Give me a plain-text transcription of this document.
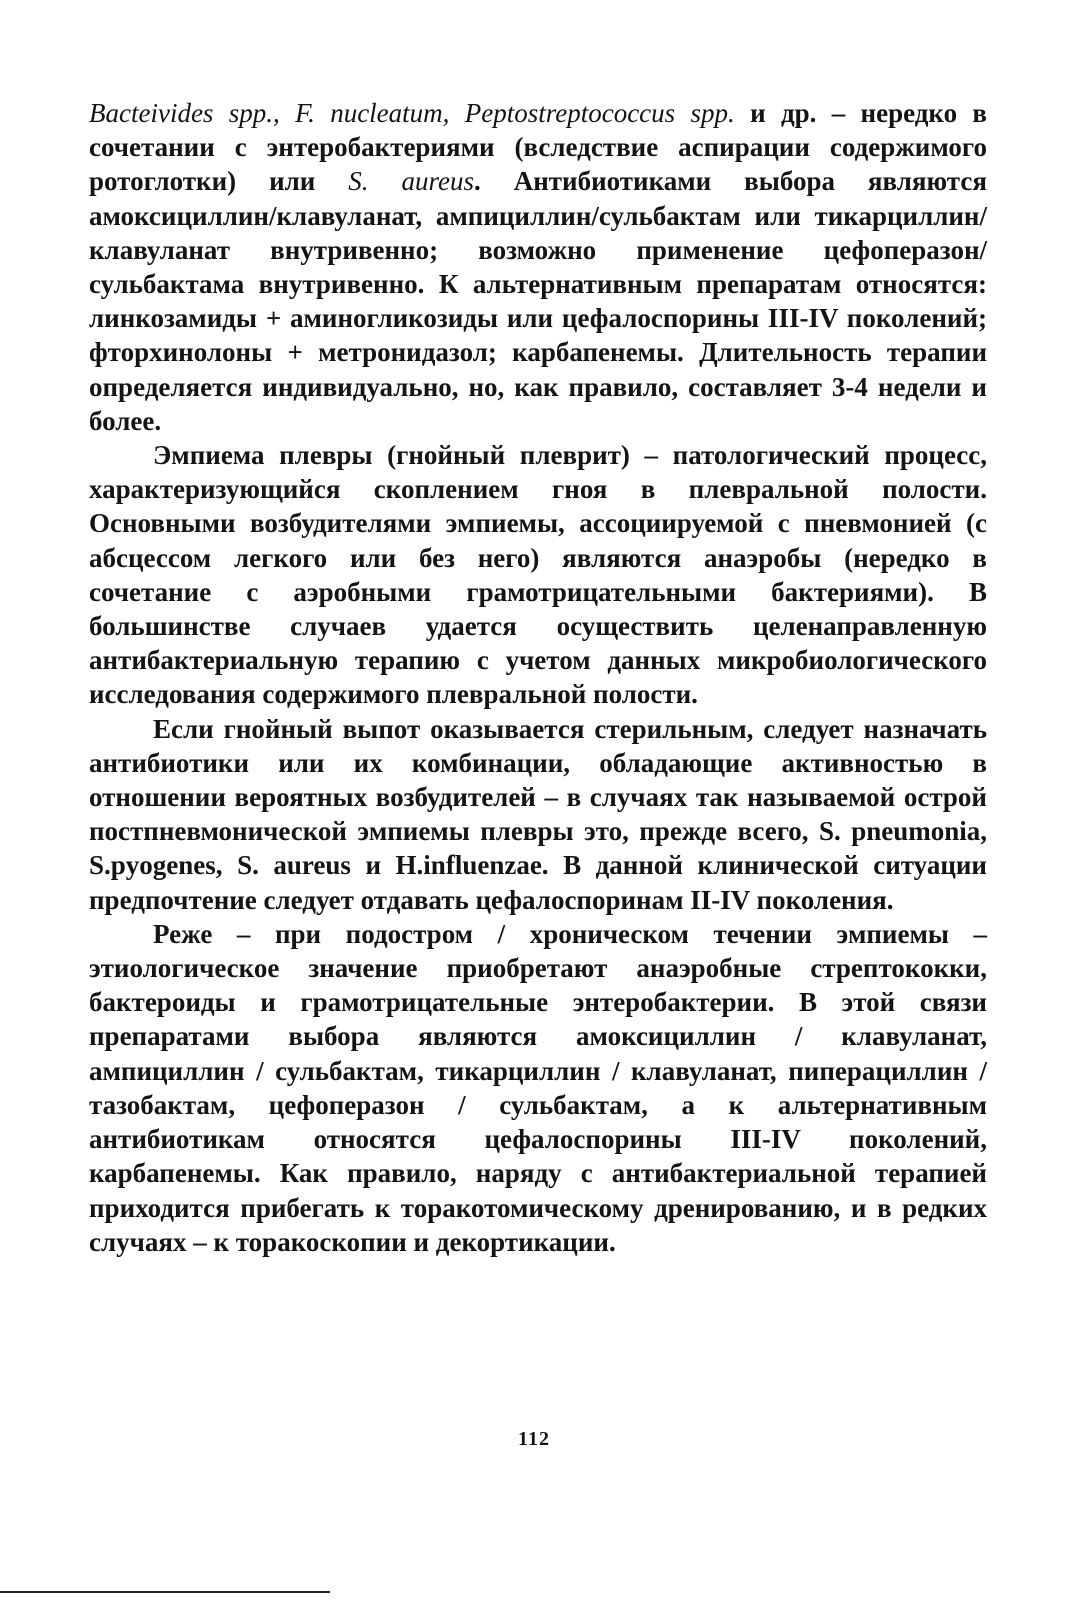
Bacteivides spp., F. nucleatum, Peptostreptococcus spp. и др. – нередко в сочетании с энтеробактериями (вследствие аспирации содержимого ротоглотки) или S. aureus. Антибиотиками выбора являются амоксициллин/клавуланат, ампициллин/сульбактам или тикарциллин/клавуланат внутривенно; возможно применение цефоперазон/сульбактама внутривенно. К альтернативным препаратам относятся: линкозамиды + аминогликозиды или цефалоспорины III-IV поколений; фторхинолоны + метронидазол; карбапенемы. Длительность терапии определяется индивидуально, но, как правило, составляет 3-4 недели и более.

Эмпиема плевры (гнойный плеврит) – патологический процесс, характеризующийся скоплением гноя в плевральной полости. Основными возбудителями эмпиемы, ассоциируемой с пневмонией (с абсцессом легкого или без него) являются анаэробы (нередко в сочетание с аэробными грамотрицательными бактериями). В большинстве случаев удается осуществить целенаправленную антибактериальную терапию с учетом данных микробиологического исследования содержимого плевральной полости.

Если гнойный выпот оказывается стерильным, следует назначать антибиотики или их комбинации, обладающие активностью в отношении вероятных возбудителей – в случаях так называемой острой постпневмонической эмпиемы плевры это, прежде всего, S. pneumonia, S.pyogenes, S. aureus и H.influenzae. В данной клинической ситуации предпочтение следует отдавать цефалоспоринам II-IV поколения.

Реже – при подостром / хроническом течении эмпиемы – этиологическое значение приобретают анаэробные стрептококки, бактероиды и грамотрицательные энтеробактерии. В этой связи препаратами выбора являются амоксициллин / клавуланат, ампициллин / сульбактам, тикарциллин / клавуланат, пиперациллин / тазобактам, цефоперазон / сульбактам, а к альтернативным антибиотикам относятся цефалоспорины III-IV поколений, карбапенемы. Как правило, наряду с антибактериальной терапией приходится прибегать к торакотомическому дренированию, и в редких случаях – к торакоскопии и декортикации.

112
